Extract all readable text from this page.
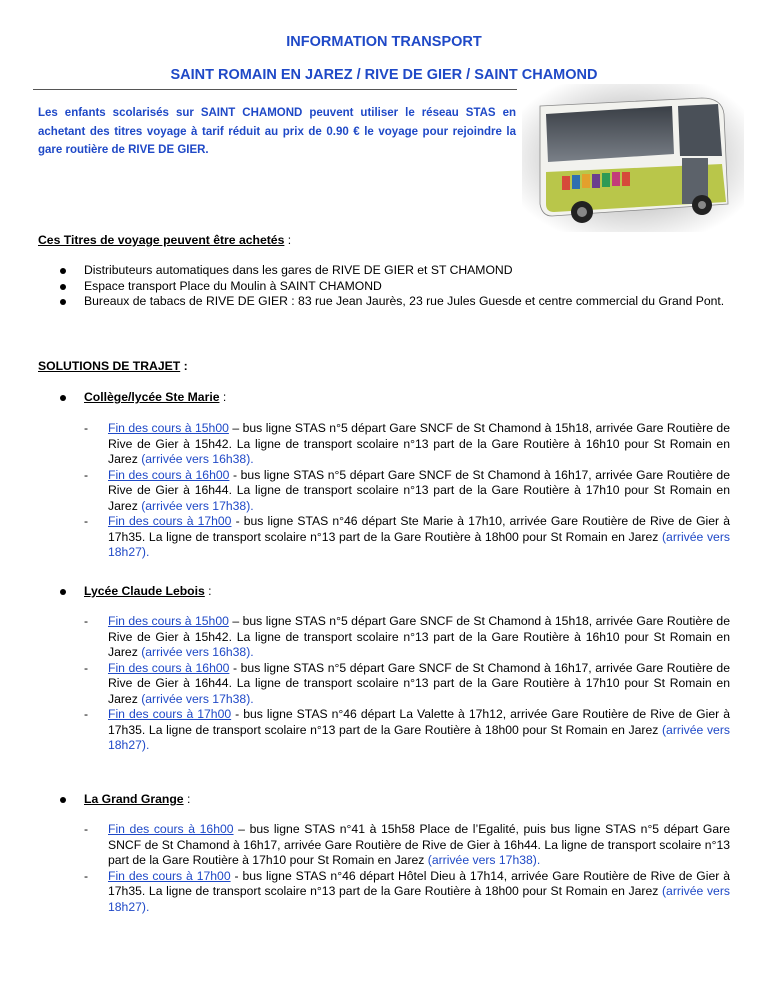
INFORMATION TRANSPORT
SAINT ROMAIN EN JAREZ / RIVE DE GIER / SAINT CHAMOND
Les enfants scolarisés sur SAINT CHAMOND peuvent utiliser le réseau STAS en achetant des titres voyage à tarif réduit au prix de 0.90 € le voyage pour rejoindre la gare routière de RIVE DE GIER.
Ces Titres de voyage peuvent être achetés :
Distributeurs automatiques dans les gares de RIVE DE GIER et ST CHAMOND
Espace transport Place du Moulin à SAINT CHAMOND
Bureaux de tabacs de RIVE DE GIER : 83 rue Jean Jaurès, 23 rue Jules Guesde et centre commercial du Grand Pont.
SOLUTIONS DE TRAJET :
Collège/lycée Ste Marie :
- Fin des cours à 15h00 – bus ligne STAS n°5 départ Gare SNCF de St Chamond à 15h18, arrivée Gare Routière de Rive de Gier à 15h42. La ligne de transport scolaire n°13 part de la Gare Routière à 16h10 pour St Romain en Jarez (arrivée vers 16h38).
- Fin des cours à 16h00 - bus ligne STAS n°5 départ Gare SNCF de St Chamond à 16h17, arrivée Gare Routière de Rive de Gier à 16h44. La ligne de transport scolaire n°13 part de la Gare Routière à 17h10 pour St Romain en Jarez (arrivée vers 17h38).
- Fin des cours à 17h00 - bus ligne STAS n°46 départ Ste Marie à 17h10, arrivée Gare Routière de Rive de Gier à 17h35. La ligne de transport scolaire n°13 part de la Gare Routière à 18h00 pour St Romain en Jarez (arrivée vers 18h27).
Lycée Claude Lebois :
- Fin des cours à 15h00 – bus ligne STAS n°5 départ Gare SNCF de St Chamond à 15h18, arrivée Gare Routière de Rive de Gier à 15h42. La ligne de transport scolaire n°13 part de la Gare Routière à 16h10 pour St Romain en Jarez (arrivée vers 16h38).
- Fin des cours à 16h00 - bus ligne STAS n°5 départ Gare SNCF de St Chamond à 16h17, arrivée Gare Routière de Rive de Gier à 16h44. La ligne de transport scolaire n°13 part de la Gare Routière à 17h10 pour St Romain en Jarez (arrivée vers 17h38).
- Fin des cours à 17h00 - bus ligne STAS n°46 départ La Valette à 17h12, arrivée Gare Routière de Rive de Gier à 17h35. La ligne de transport scolaire n°13 part de la Gare Routière à 18h00 pour St Romain en Jarez (arrivée vers 18h27).
La Grand Grange :
- Fin des cours à 16h00 – bus ligne STAS n°41 à 15h58 Place de l’Egalité, puis bus ligne STAS n°5 départ Gare SNCF de St Chamond à 16h17, arrivée Gare Routière de Rive de Gier à 16h44. La ligne de transport scolaire n°13 part de la Gare Routière à 17h10 pour St Romain en Jarez (arrivée vers 17h38).
- Fin des cours à 17h00 - bus ligne STAS n°46 départ Hôtel Dieu à 17h14, arrivée Gare Routière de Rive de Gier à 17h35. La ligne de transport scolaire n°13 part de la Gare Routière à 18h00 pour St Romain en Jarez (arrivée vers 18h27).
